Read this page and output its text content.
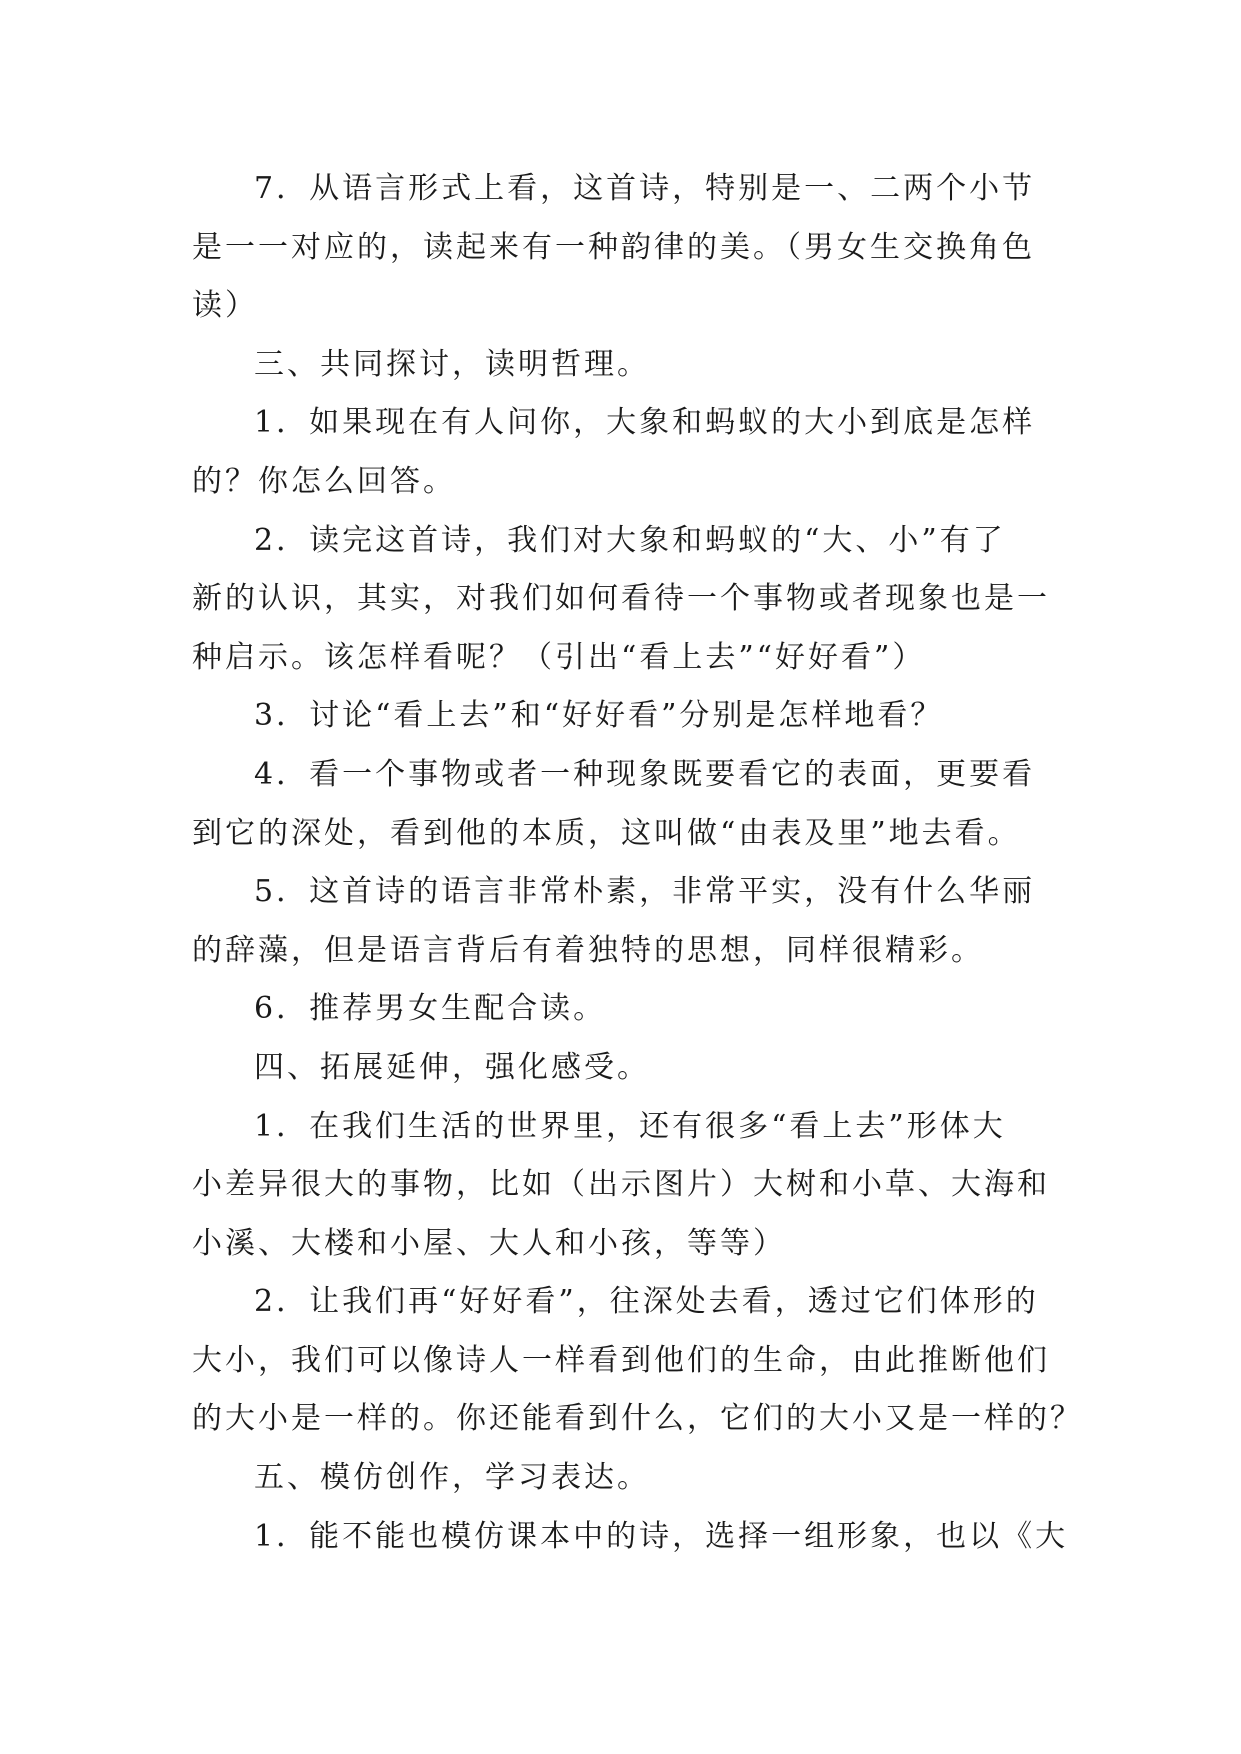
7．从语言形式上看，这首诗，特别是一、二两个小节
是一一对应的，读起来有一种韵律的美。（男女生交换角色
读）
三、共同探讨，读明哲理。
1．如果现在有人问你，大象和蚂蚁的大小到底是怎样
的？你怎么回答。
2．读完这首诗，我们对大象和蚂蚁的“大、小”有了
新的认识，其实，对我们如何看待一个事物或者现象也是一
种启示。该怎样看呢？（引出“看上去”“好好看”）
3．讨论“看上去”和“好好看”分别是怎样地看？
4．看一个事物或者一种现象既要看它的表面，更要看
到它的深处，看到他的本质，这叫做“由表及里”地去看。
5．这首诗的语言非常朴素，非常平实，没有什么华丽
的辞藻，但是语言背后有着独特的思想，同样很精彩。
6．推荐男女生配合读。
四、拓展延伸，强化感受。
1．在我们生活的世界里，还有很多“看上去”形体大
小差异很大的事物，比如（出示图片）大树和小草、大海和
小溪、大楼和小屋、大人和小孩，等等）
2．让我们再“好好看”，往深处去看，透过它们体形的
大小，我们可以像诗人一样看到他们的生命，由此推断他们
的大小是一样的。你还能看到什么，它们的大小又是一样的？
五、模仿创作，学习表达。
1．能不能也模仿课本中的诗，选择一组形象，也以《大
